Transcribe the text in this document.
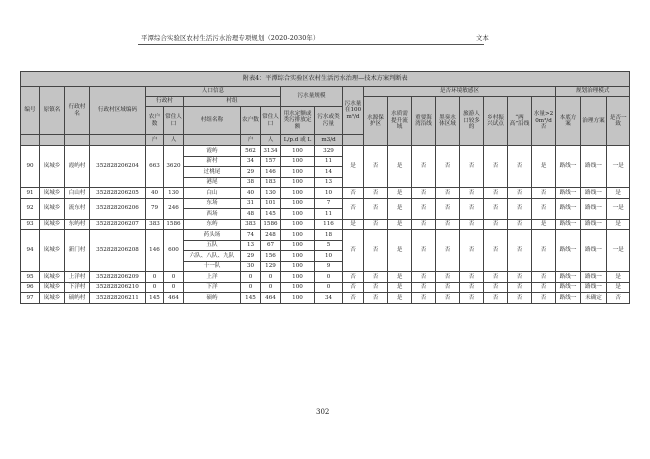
平潭综合实验区农村生活污水治理专项规划（2020-2030年）	文本
附表4：平潭综合实验区农村生活污水治理—技术方案判断表																						
编号	原镇名	行政村名	行政村区域编码	人口信息					污水量规模		污水量在100m³/d	是否环境敏感区								规划治理模式		
				行政村		村组						水源保护区	水质需提升流域	重要海湾沿线	黑臭水体区域	旅游人口较多的	乡村振兴试点	“两高”沿线	水量>20m³/d否	本底方案	治理方案	是否一致
				农户数	常住人口	村组名称	农户数	常住人口	用水定额或类污排放定额	污水或类污量												
				户	人		户	人	L/p.d 或 L	m3/d												
90	岚城乡	霞屿村	352828206204	663	3620	霞屿	562	3134	100	329	是	否	是	否	否	否	否	否	是	路线一	路线一	一是
						新村	34	157	100	11												
						过桃尾	29	146	100	14												
						港尾	38	183	100	13												
91	岚城乡	白山村	352828206205	40	130	白山	40	130	100	10	否	否	是	否	否	否	否	否	否	路线一	路线一	是
92	岚城乡	流东村	352828206206	79	246	东场	31	101	100	7	否	否	是	否	否	否	否	否	否	路线一	路线一	一是
						西场	48	145	100	11												
93	岚城乡	东屿村	352828206207	383	1586	东屿	383	1586	100	116	是	否	是	否	否	否	否	否	是	路线一	路线一	是
94	岚城乡	新门村	352828206208	146	600	药头场	74	248	100	18	否	否	是	否	否	否	否	否	否	路线一	路线一	一是
						五队	13	67	100	5												
						六队、八队、九队	29	156	100	10												
						十一队	30	129	100	9												
95	岚城乡	上洋村	352828206209	0	0	上洋	0	0	100	0	否	否	是	否	否	否	否	否	否	路线一	路线一	是
96	岚城乡	下洋村	352828206210	0	0	下洋	0	0	100	0	否	否	是	否	否	否	否	否	否	路线一	路线一	是
97	岚城乡	硕屿村	352828206211	145	464	硕屿	145	464	100	34	否	否	是	否	否	否	否	否	否	路线一	未确定	否
302
